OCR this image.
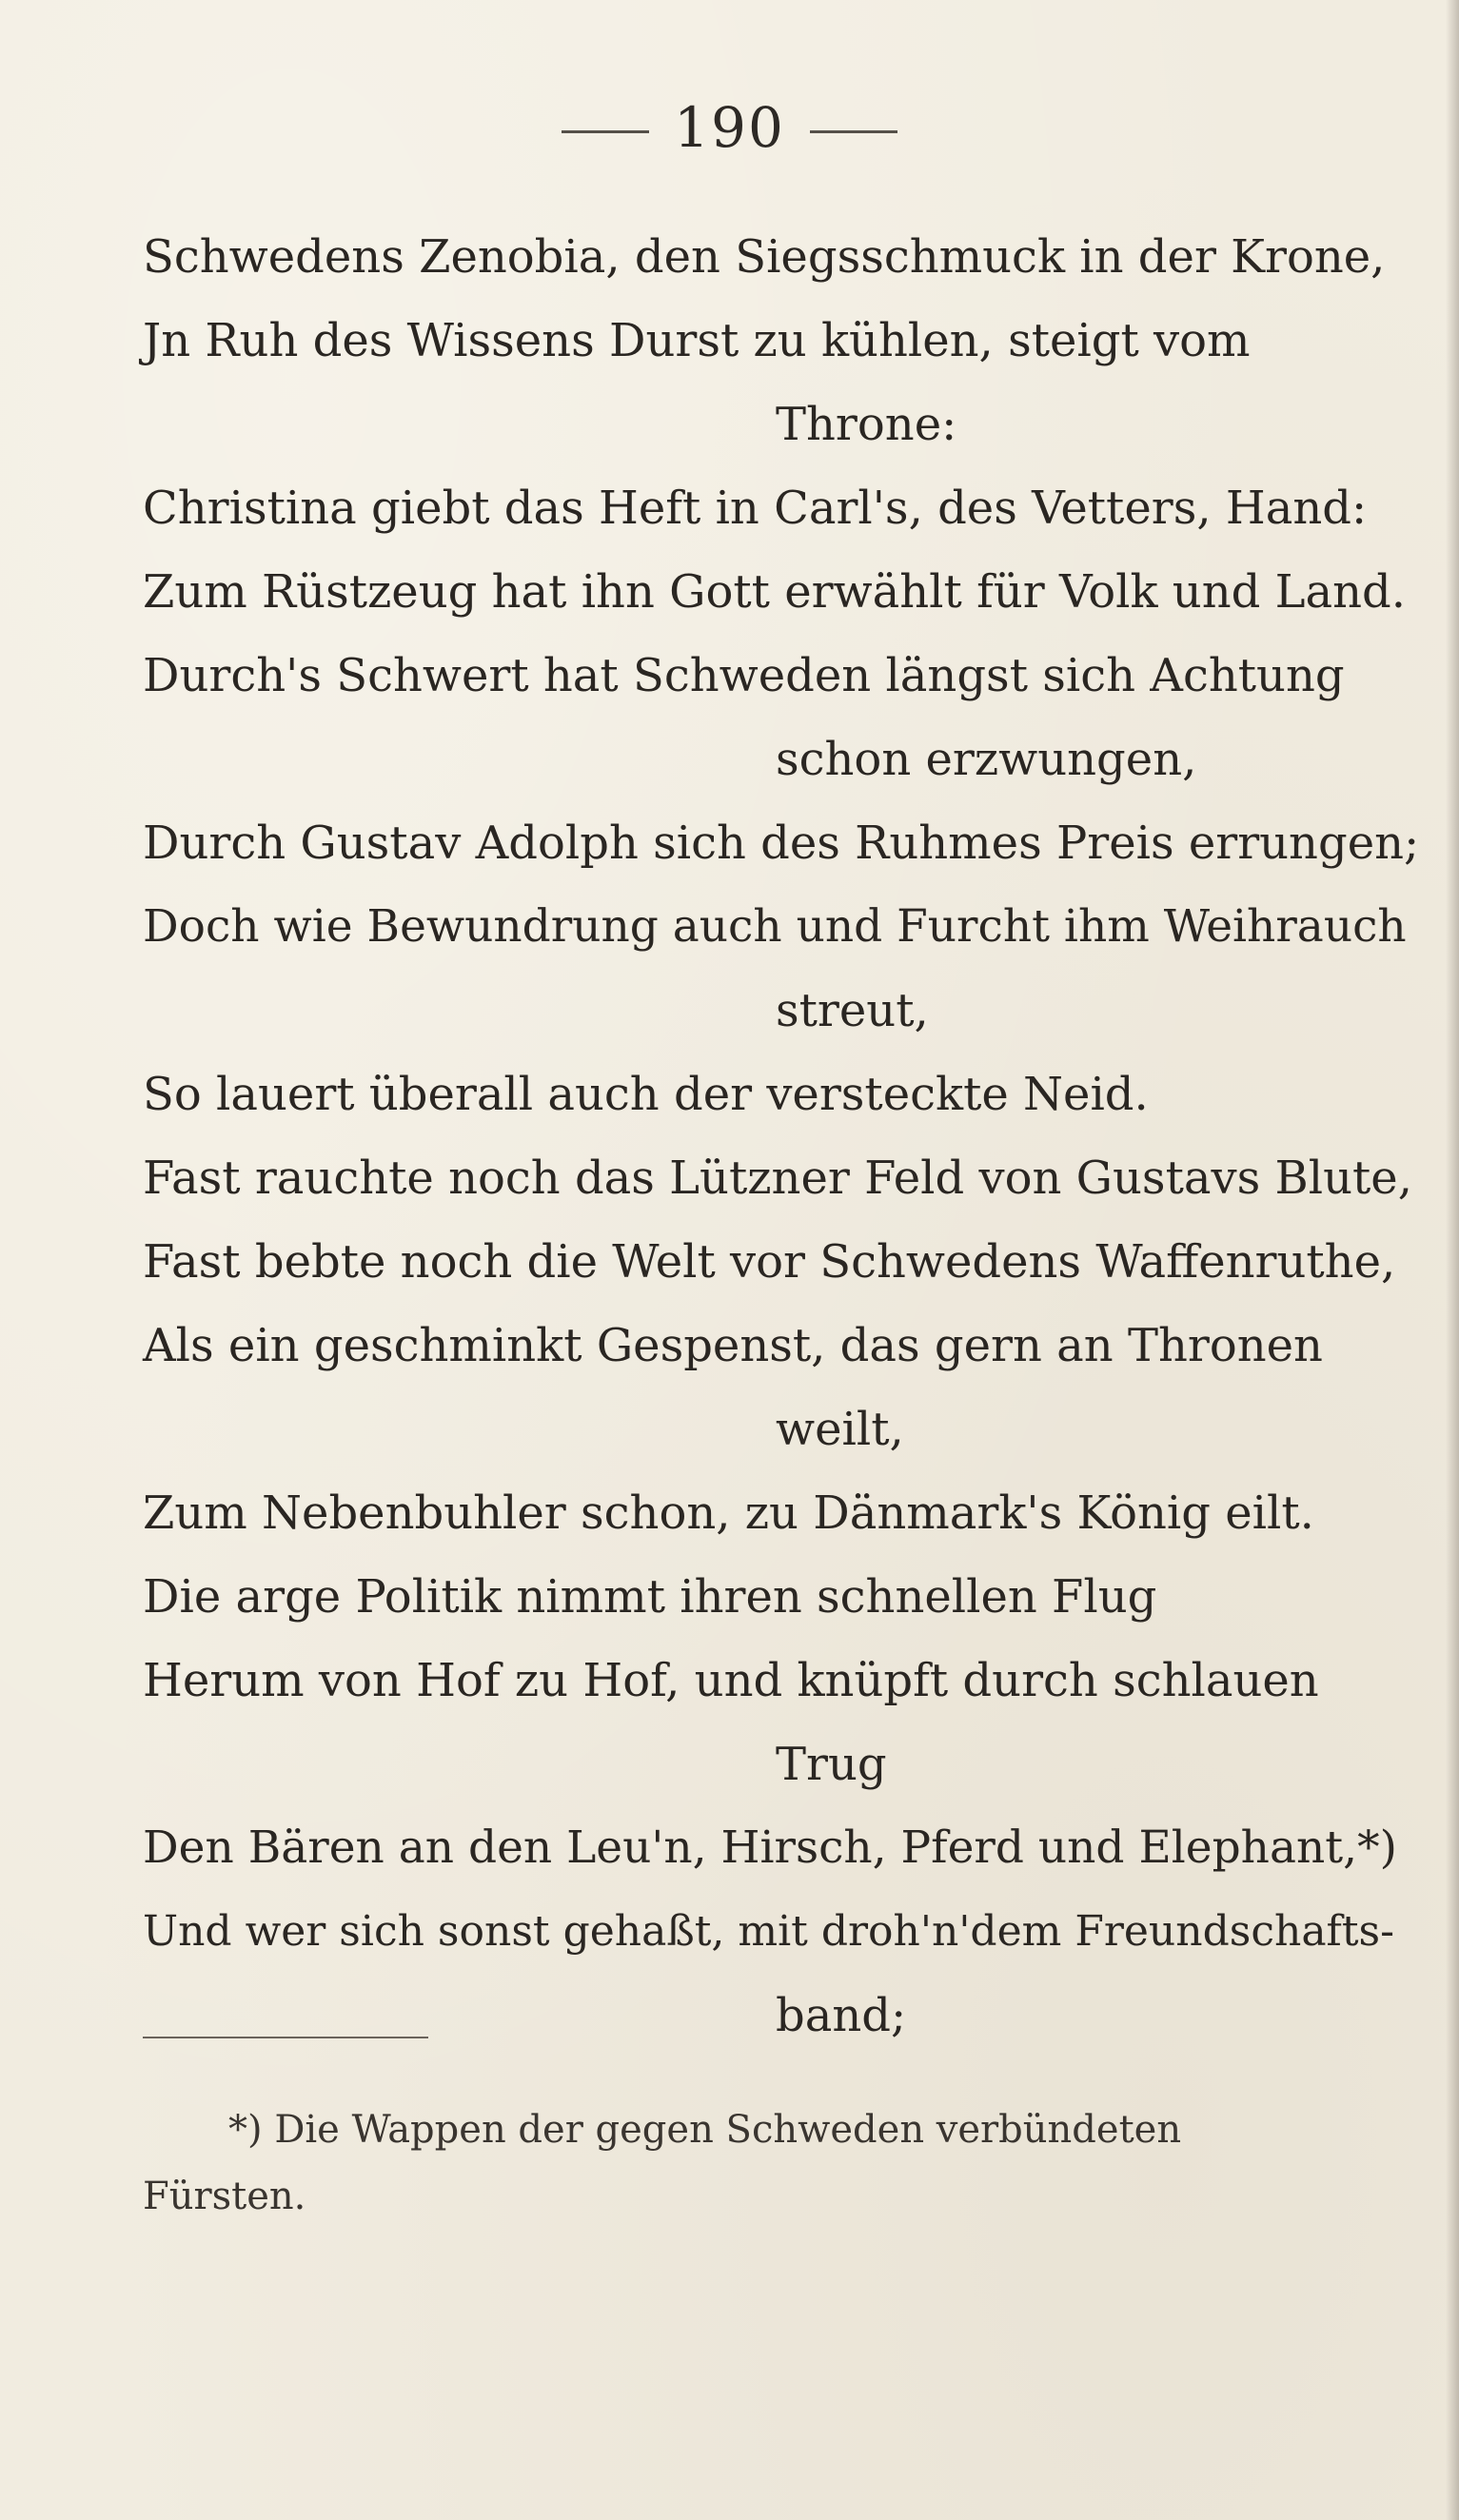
190
Schwedens Zenobia, den Siegsschmuck in der Krone,
Jn Ruh des Wissens Durst zu kühlen, steigt vom
Throne:
Christina giebt das Heft in Carl's, des Vetters, Hand:
Zum Rüstzeug hat ihn Gott erwählt für Volk und Land.
Durch's Schwert hat Schweden längst sich Achtung
schon erzwungen,
Durch Gustav Adolph sich des Ruhmes Preis errungen;
Doch wie Bewundrung auch und Furcht ihm Weihrauch
streut,
So lauert überall auch der versteckte Neid.
Fast rauchte noch das Lützner Feld von Gustavs Blute,
Fast bebte noch die Welt vor Schwedens Waffenruthe,
Als ein geschminkt Gespenst, das gern an Thronen
weilt,
Zum Nebenbuhler schon, zu Dänmark's König eilt.
Die arge Politik nimmt ihren schnellen Flug
Herum von Hof zu Hof, und knüpft durch schlauen
Trug
Den Bären an den Leu'n, Hirsch, Pferd und Elephant,*)
Und wer sich sonst gehaßt, mit droh'n'dem Freundschafts-
band;
*) Die Wappen der gegen Schweden verbündeten
Fürsten.
